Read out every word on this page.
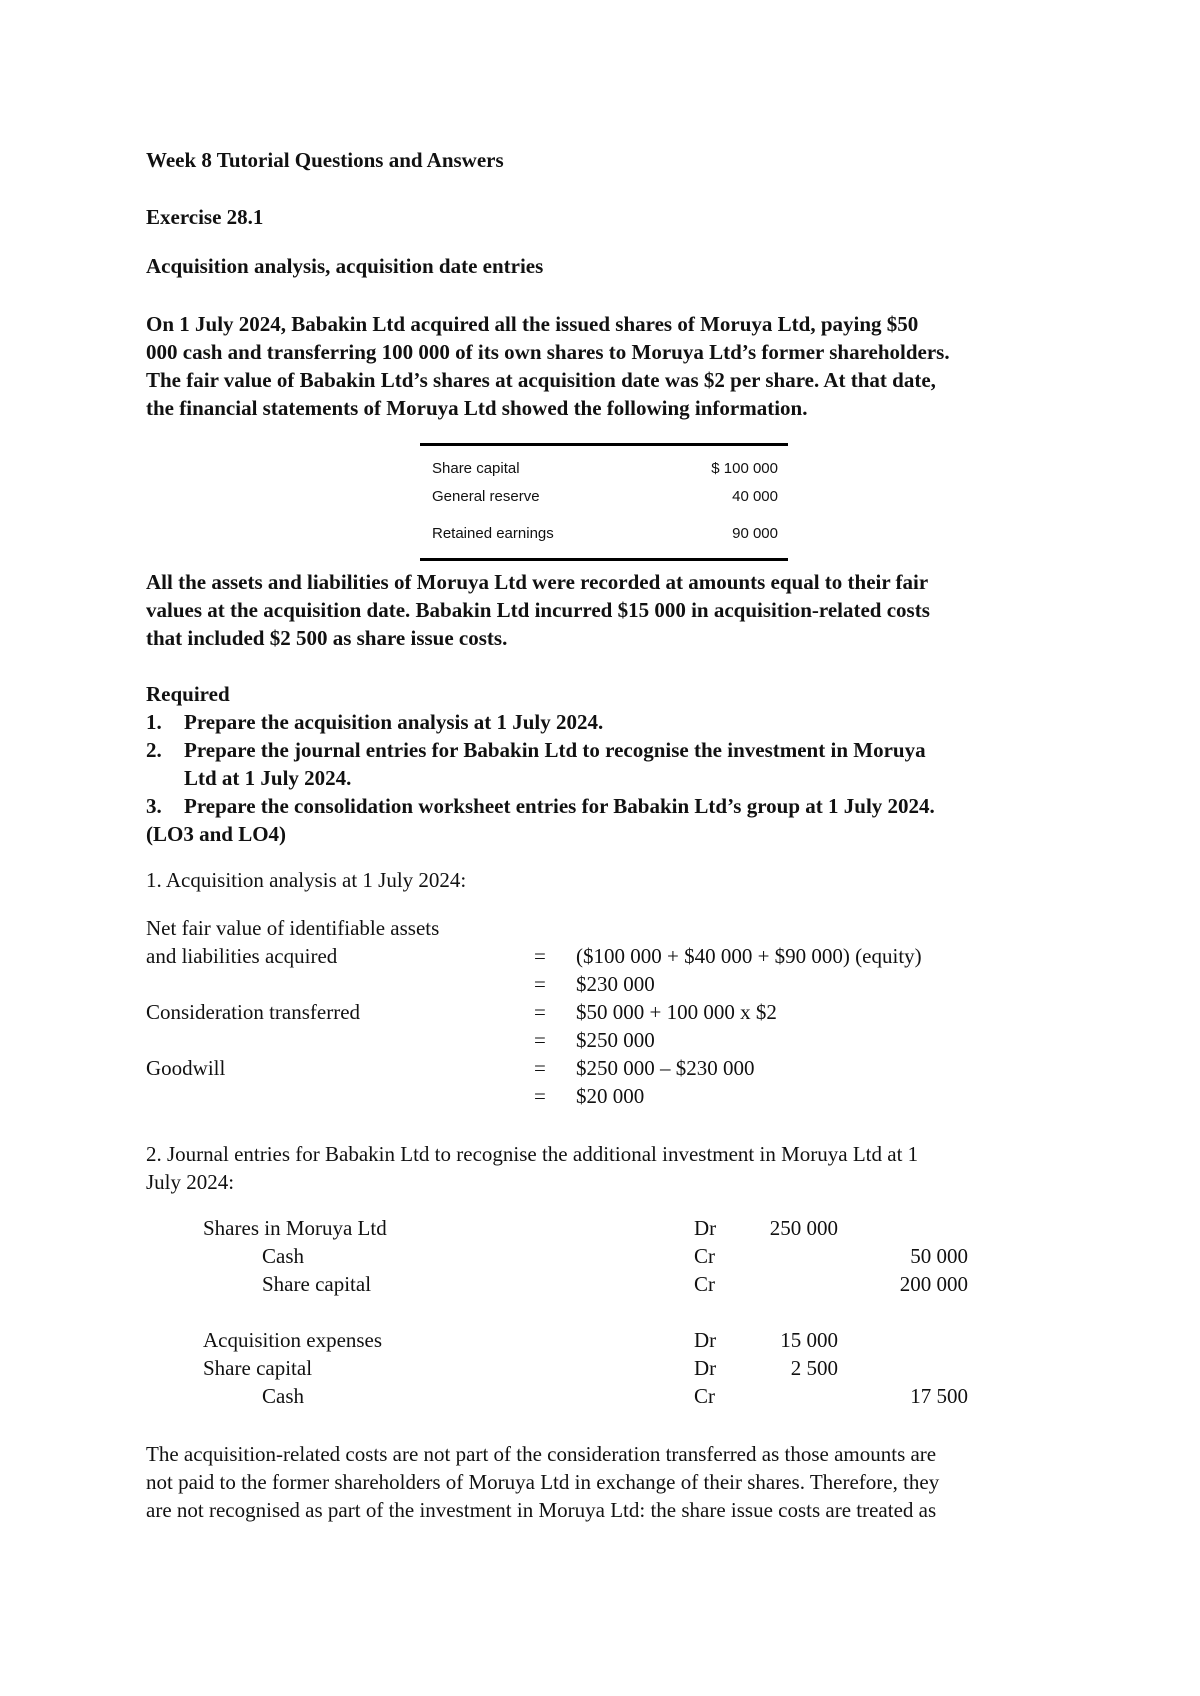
Week 8 Tutorial Questions and Answers
Exercise 28.1
Acquisition analysis, acquisition date entries
On 1 July 2024, Babakin Ltd acquired all the issued shares of Moruya Ltd, paying $50
000 cash and transferring 100 000 of its own shares to Moruya Ltd’s former shareholders.
The fair value of Babakin Ltd’s shares at acquisition date was $2 per share. At that date,
the financial statements of Moruya Ltd showed the following information.
Share capital	$ 100 000
General reserve	40 000
Retained earnings	90 000
All the assets and liabilities of Moruya Ltd were recorded at amounts equal to their fair
values at the acquisition date. Babakin Ltd incurred $15 000 in acquisition-related costs
that included $2 500 as share issue costs.
Required
1. Prepare the acquisition analysis at 1 July 2024.
2. Prepare the journal entries for Babakin Ltd to recognise the investment in Moruya
Ltd at 1 July 2024.
3. Prepare the consolidation worksheet entries for Babakin Ltd’s group at 1 July 2024.
(LO3 and LO4)
1. Acquisition analysis at 1 July 2024:
Net fair value of identifiable assets
and liabilities acquired	= ($100 000 + $40 000 + $90 000) (equity)
= $230 000
Consideration transferred	= $50 000 + 100 000 x $2
= $250 000
Goodwill	= $250 000 – $230 000
= $20 000
2. Journal entries for Babakin Ltd to recognise the additional investment in Moruya Ltd at 1
July 2024:
Shares in Moruya Ltd	Dr	250 000
Cash	Cr	50 000
Share capital	Cr	200 000
Acquisition expenses	Dr	15 000
Share capital	Dr	2 500
Cash	Cr	17 500
The acquisition-related costs are not part of the consideration transferred as those amounts are
not paid to the former shareholders of Moruya Ltd in exchange of their shares. Therefore, they
are not recognised as part of the investment in Moruya Ltd: the share issue costs are treated as
